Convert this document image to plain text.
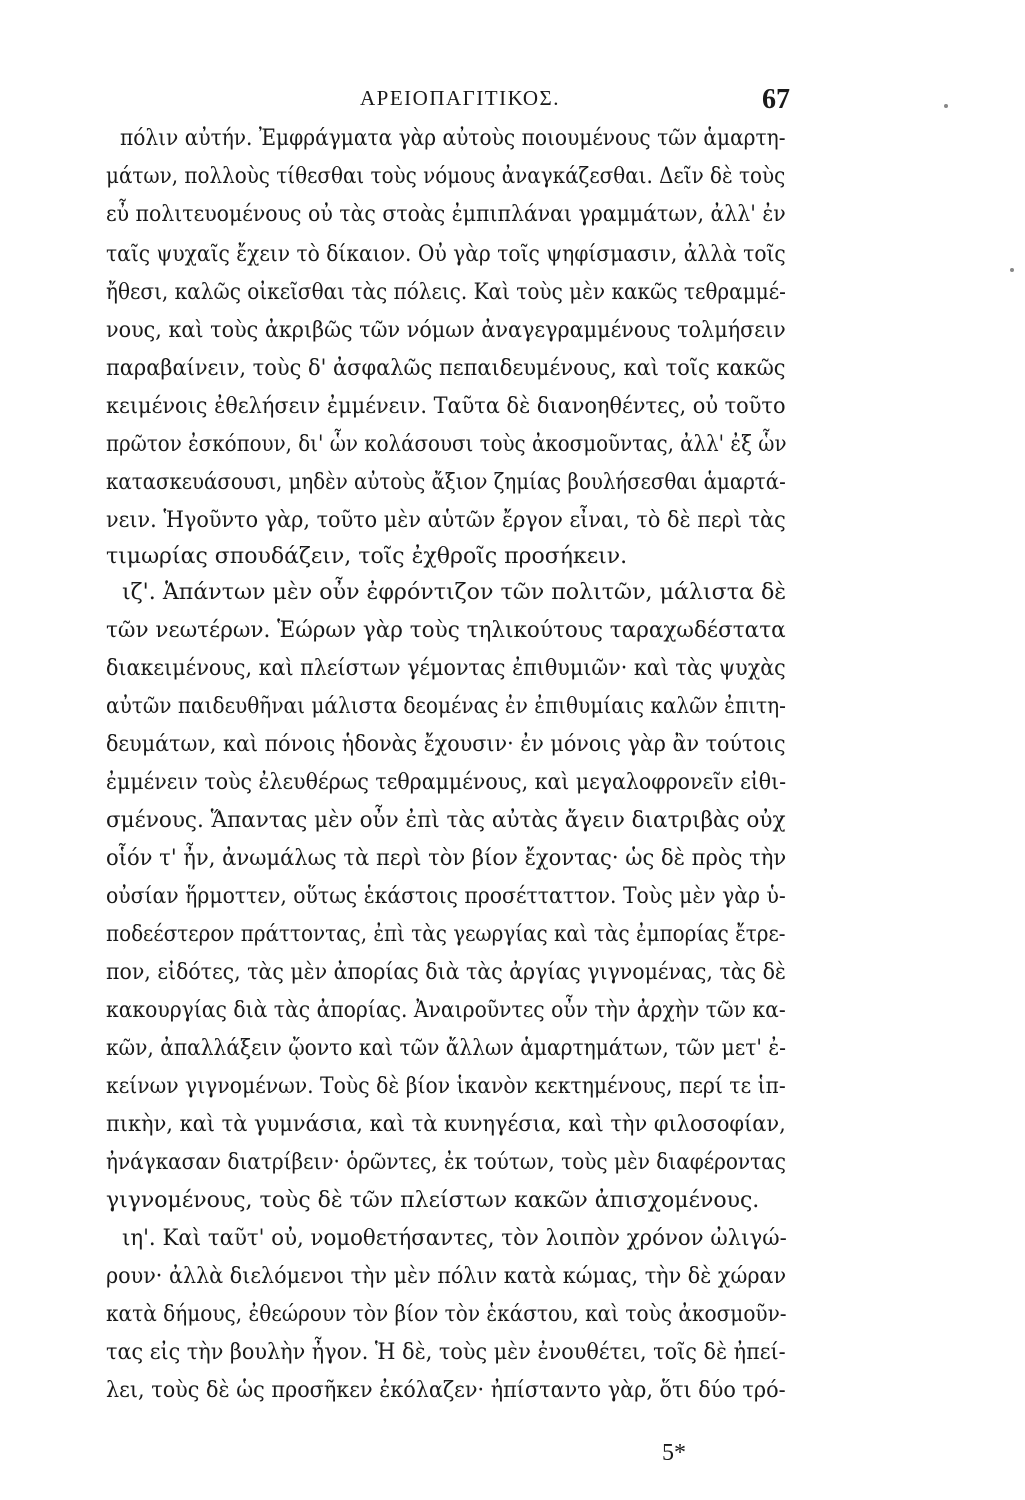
ΑΡΕΙΟΠΑΓΙΤΙΚΟΣ.	67
πόλιν αὐτήν. Ἐμφράγματα γὰρ αὐτοὺς ποιουμένους τῶν ἁμαρτη-
μάτων, πολλοὺς τίθεσθαι τοὺς νόμους ἀναγκάζεσθαι. Δεῖν δὲ τοὺς
εὖ πολιτευομένους οὐ τὰς στοὰς ἐμπιπλάναι γραμμάτων, ἀλλ' ἐν
ταῖς ψυχαῖς ἔχειν τὸ δίκαιον. Οὐ γὰρ τοῖς ψηφίσμασιν, ἀλλὰ τοῖς
ἤθεσι, καλῶς οἰκεῖσθαι τὰς πόλεις. Καὶ τοὺς μὲν κακῶς τεθραμμέ-
νους, καὶ τοὺς ἀκριβῶς τῶν νόμων ἀναγεγραμμένους τολμήσειν
παραβαίνειν, τοὺς δ' ἀσφαλῶς πεπαιδευμένους, καὶ τοῖς κακῶς
κειμένοις ἐθελήσειν ἐμμένειν. Ταῦτα δὲ διανοηθέντες, οὐ τοῦτο
πρῶτον ἐσκόπουν, δι' ὧν κολάσουσι τοὺς ἀκοσμοῦντας, ἀλλ' ἐξ ὧν
κατασκευάσουσι, μηδὲν αὐτοὺς ἄξιον ζημίας βουλήσεσθαι ἁμαρτά-
νειν. Ἡγοῦντο γὰρ, τοῦτο μὲν αὑτῶν ἔργον εἶναι, τὸ δὲ περὶ τὰς
τιμωρίας σπουδάζειν, τοῖς ἐχθροῖς προσήκειν.
ιζ'. Ἁπάντων μὲν οὖν ἐφρόντιζον τῶν πολιτῶν, μάλιστα δὲ
τῶν νεωτέρων. Ἑώρων γὰρ τοὺς τηλικούτους ταραχωδέστατα
διακειμένους, καὶ πλείστων γέμοντας ἐπιθυμιῶν· καὶ τὰς ψυχὰς
αὐτῶν παιδευθῆναι μάλιστα δεομένας ἐν ἐπιθυμίαις καλῶν ἐπιτη-
δευμάτων, καὶ πόνοις ἡδονὰς ἔχουσιν· ἐν μόνοις γὰρ ἂν τούτοις
ἐμμένειν τοὺς ἐλευθέρως τεθραμμένους, καὶ μεγαλοφρονεῖν εἰθι-
σμένους. Ἅπαντας μὲν οὖν ἐπὶ τὰς αὐτὰς ἄγειν διατριβὰς οὐχ
οἷόν τ' ἦν, ἀνωμάλως τὰ περὶ τὸν βίον ἔχοντας· ὡς δὲ πρὸς τὴν
οὐσίαν ἥρμοττεν, οὕτως ἑκάστοις προσέτταττον. Τοὺς μὲν γὰρ ὑ-
ποδεέστερον πράττοντας, ἐπὶ τὰς γεωργίας καὶ τὰς ἐμπορίας ἔτρε-
πον, εἰδότες, τὰς μὲν ἀπορίας διὰ τὰς ἀργίας γιγνομένας, τὰς δὲ
κακουργίας διὰ τὰς ἀπορίας. Ἀναιροῦντες οὖν τὴν ἀρχὴν τῶν κα-
κῶν, ἀπαλλάξειν ᾤοντο καὶ τῶν ἄλλων ἁμαρτημάτων, τῶν μετ' ἐ-
κείνων γιγνομένων. Τοὺς δὲ βίον ἱκανὸν κεκτημένους, περί τε ἱπ-
πικὴν, καὶ τὰ γυμνάσια, καὶ τὰ κυνηγέσια, καὶ τὴν φιλοσοφίαν,
ἠνάγκασαν διατρίβειν· ὁρῶντες, ἐκ τούτων, τοὺς μὲν διαφέροντας
γιγνομένους, τοὺς δὲ τῶν πλείστων κακῶν ἀπισχομένους.
ιη'. Καὶ ταῦτ' οὐ, νομοθετήσαντες, τὸν λοιπὸν χρόνον ὠλιγώ-
ρουν· ἀλλὰ διελόμενοι τὴν μὲν πόλιν κατὰ κώμας, τὴν δὲ χώραν
κατὰ δήμους, ἐθεώρουν τὸν βίον τὸν ἑκάστου, καὶ τοὺς ἀκοσμοῦν-
τας εἰς τὴν βουλὴν ἦγον. Ἡ δὲ, τοὺς μὲν ἐνουθέτει, τοῖς δὲ ἠπεί-
λει, τοὺς δὲ ὡς προσῆκεν ἐκόλαζεν· ἠπίσταντο γὰρ, ὅτι δύο τρό-
5*
